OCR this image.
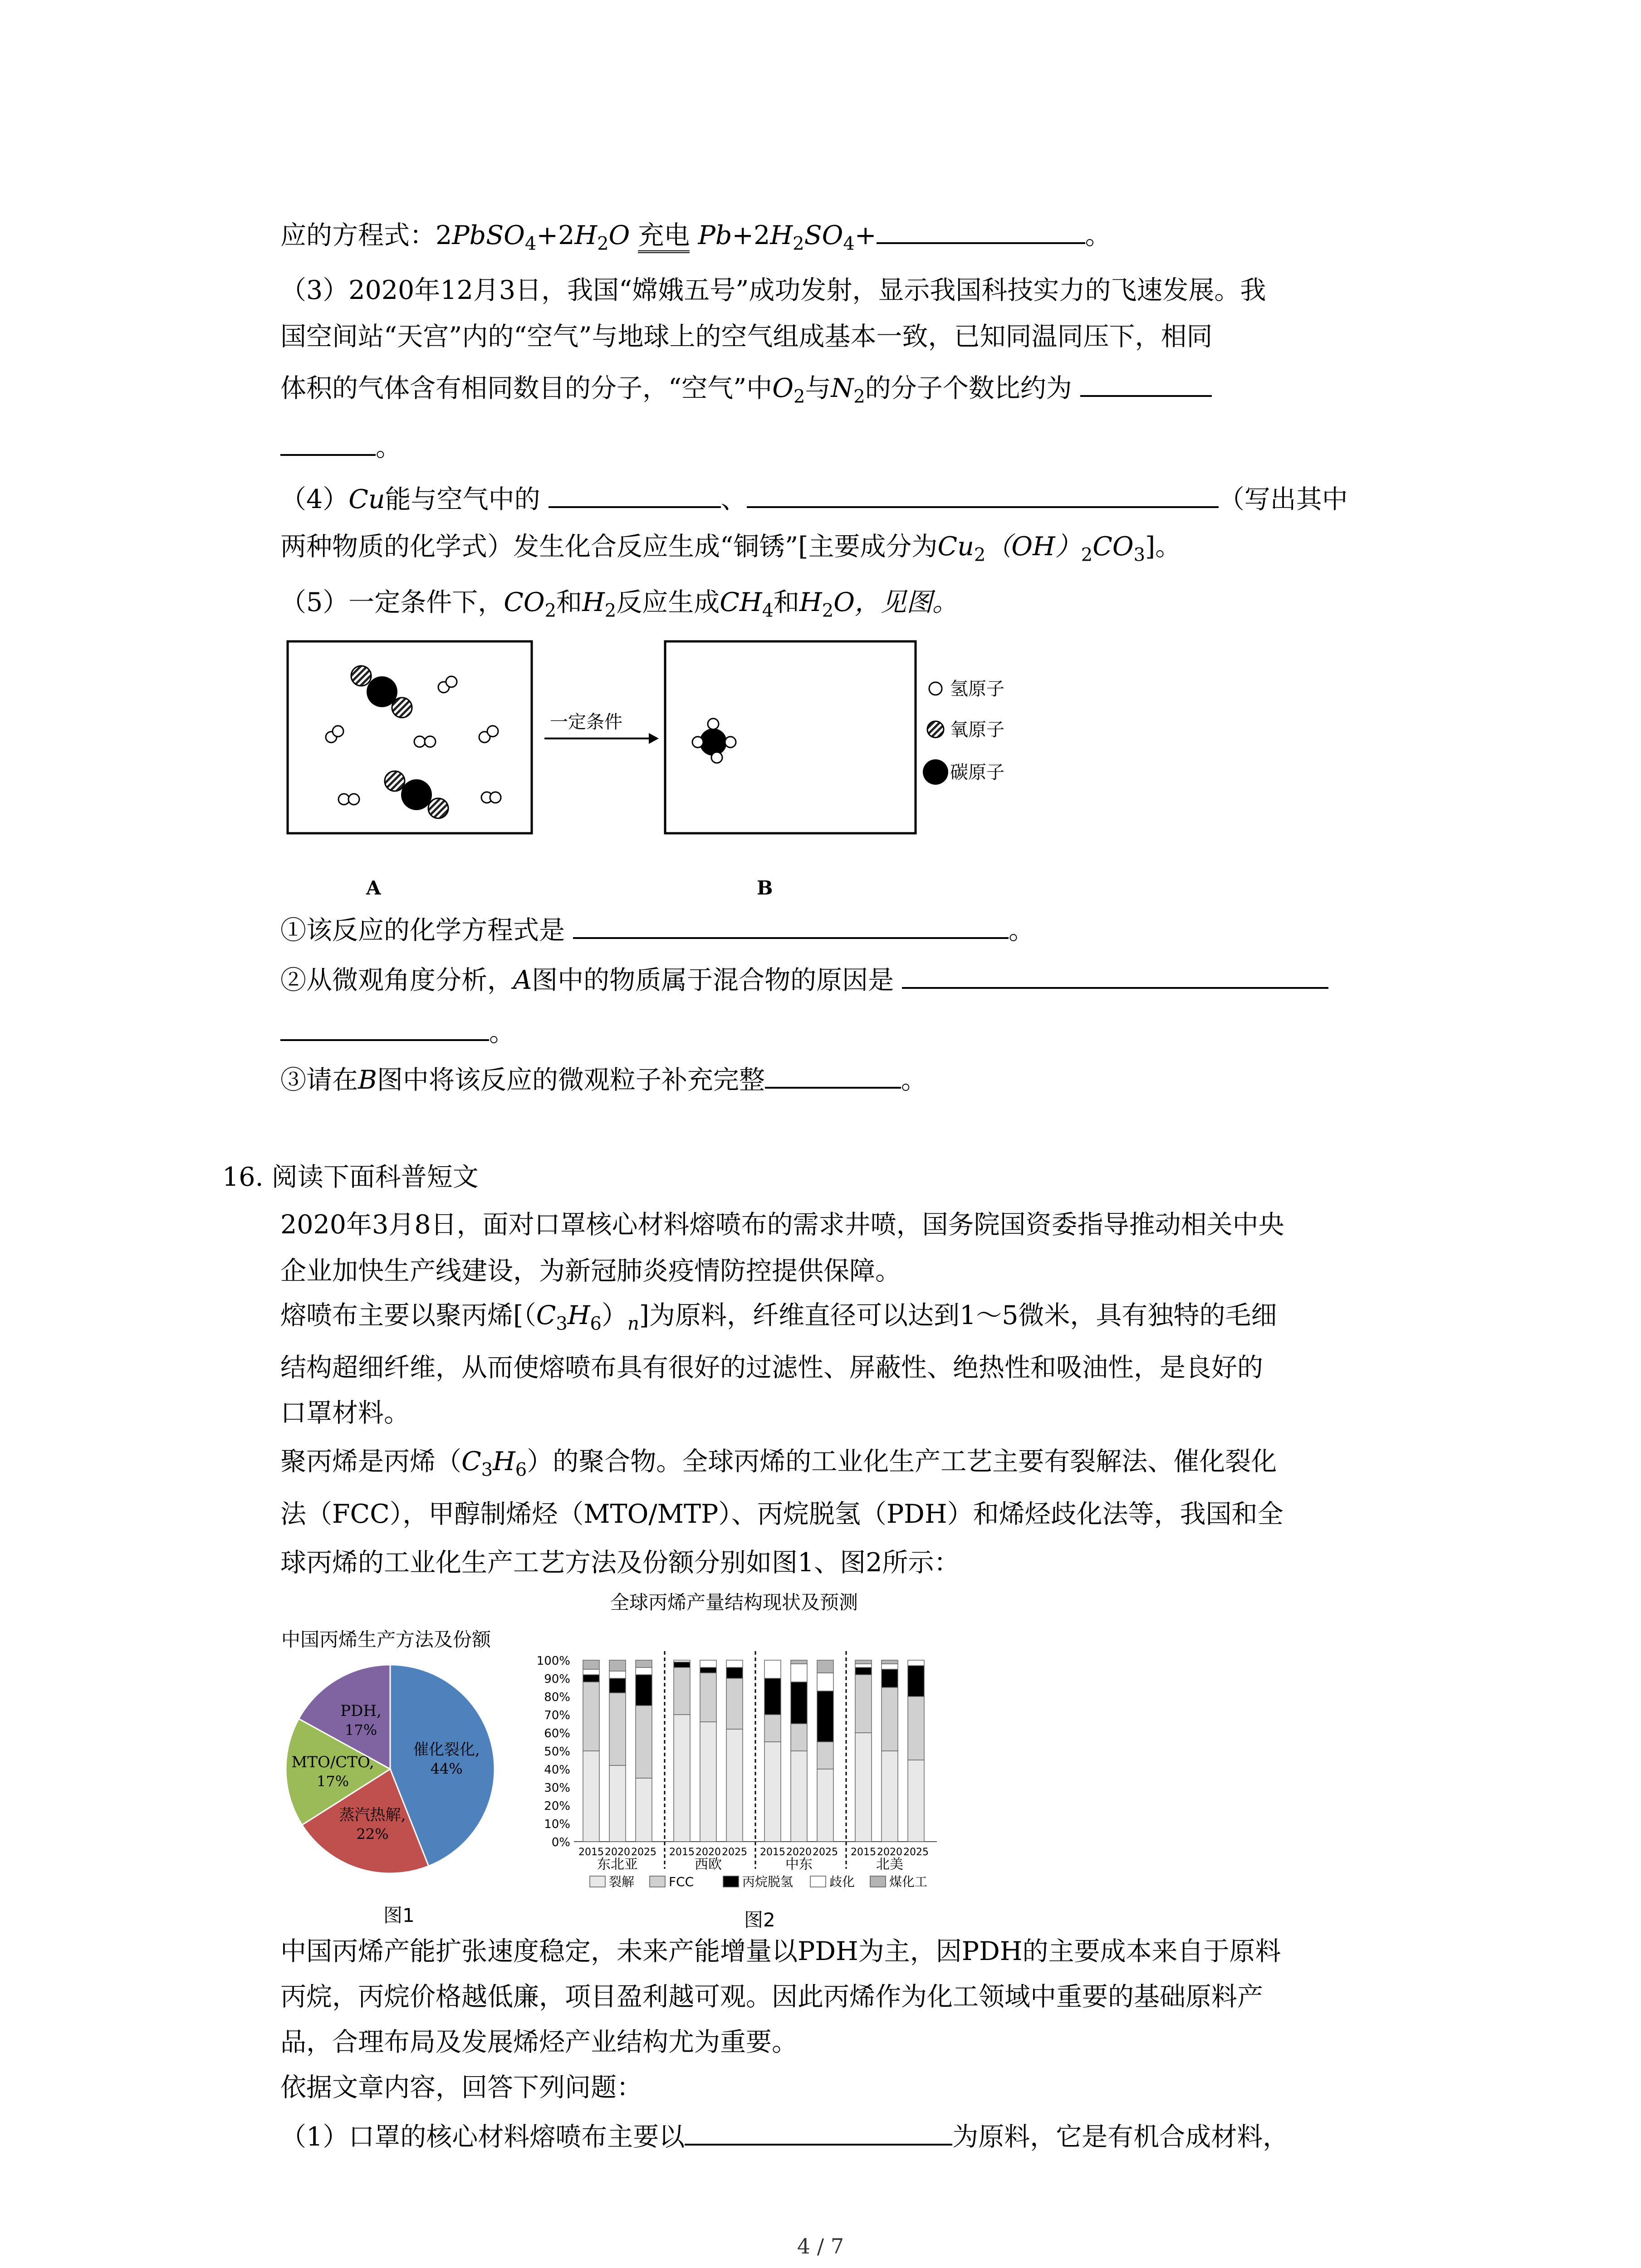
应的方程式：$2PbSO_4+2H_2O$ 充电 $Pb+2H_2SO_4+$	。
（3）2020年12月3日，我国“嫦娥五号”成功发射，显示我国科技实力的飞速发展。我
国空间站“天宫”内的“空气”与地球上的空气组成基本一致，已知同温同压下，相同
体积的气体含有相同数目的分子，“空气”中$O_2$与$N_2$的分子个数比约为
。
（4）Cu能与空气中的	、	（写出其中
两种物质的化学式）发生化合反应生成“铜锈”[主要成分为$Cu_2(OH)_2CO_3$]。
（5）一定条件下，$CO_2$和$H_2$反应生成$CH_4$和$H_2O$，见图。
一定条件
氢原子
氧原子
碳原子
A	B
①该反应的化学方程式是	。
②从微观角度分析，A图中的物质属于混合物的原因是
。
③请在B图中将该反应的微观粒子补充完整	。
16. 阅读下面科普短文
2020年3月8日，面对口罩核心材料熔喷布的需求井喷，国务院国资委指导推动相关中央
企业加快生产线建设，为新冠肺炎疫情防控提供保障。
熔喷布主要以聚丙烯$[(C_3H_6)_n]$为原料，纤维直径可以达到1～5微米，具有独特的毛细
结构超细纤维，从而使熔喷布具有很好的过滤性、屏蔽性、绝热性和吸油性，是良好的
口罩材料。
聚丙烯是丙烯$(C_3H_6)$的聚合物。全球丙烯的工业化生产工艺主要有裂解法、催化裂化
法（FCC），甲醇制烯烃（MTO/MTP）、丙烷脱氢（PDH）和烯烃歧化法等，我国和全
球丙烯的工业化生产工艺方法及份额分别如图1、图2所示：
中国丙烯生产方法及份额
催化裂化,
44%
蒸汽热解,
22%
MTO/CTO,
17%
PDH,
17%
图1
全球丙烯产量结构现状及预测
100%
90%
80%
70%
60%
50%
40%
30%
20%
10%
0%
2015 2020 2025
东北亚
2015 2020 2025
西欧
2015 2020 2025
中东
2015 2020 2025
北美
裂解	FCC	丙烷脱氢	歧化	煤化工
图2
中国丙烯产能扩张速度稳定，未来产能增量以PDH为主，因PDH的主要成本来自于原料
丙烷，丙烷价格越低廉，项目盈利越可观。因此丙烯作为化工领域中重要的基础原料产
品，合理布局及发展烯烃产业结构尤为重要。
依据文章内容，回答下列问题：
（1）口罩的核心材料熔喷布主要以	为原料，它是有机合成材料，
4 / 7
